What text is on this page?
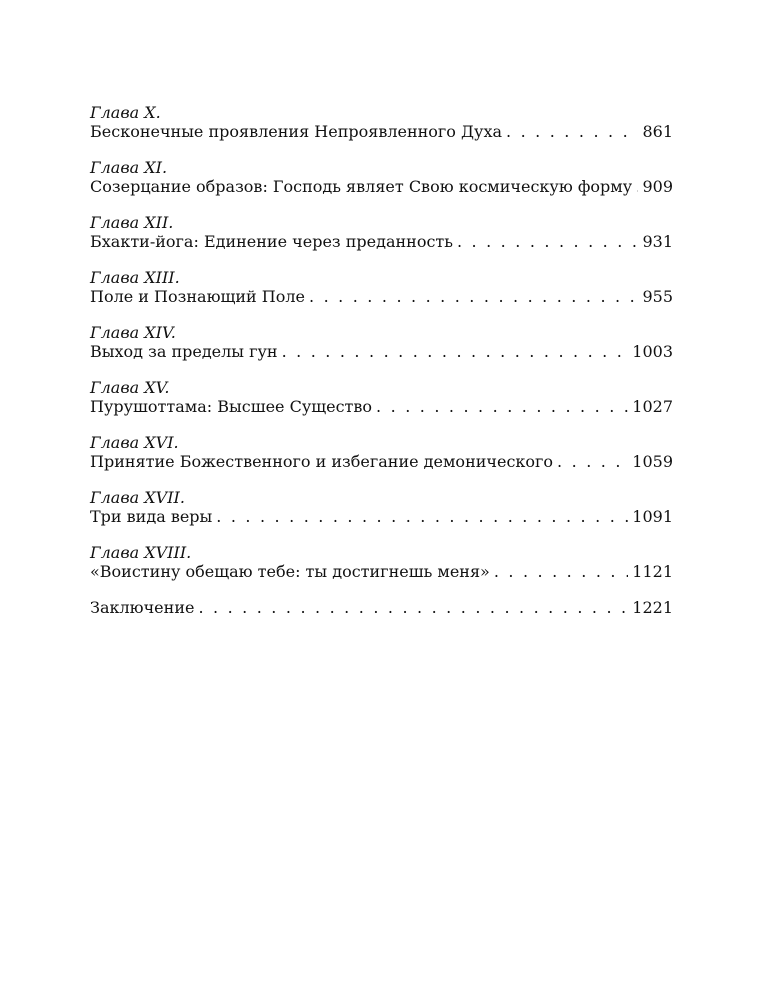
Глава X.
Бесконечные проявления Непроявленного Духа . . .	861
Глава XI.
Созерцание образов: Господь являет Свою космическую форму . . . 909
Глава XII.
Бхакти-йога: Единение через преданность . . .	931
Глава XIII.
Поле и Познающий Поле . . .	955
Глава XIV.
Выход за пределы гун . . .	1003
Глава XV.
Пурушоттама: Высшее Существо . . .	1027
Глава XVI.
Принятие Божественного и избегание демонического . . .	1059
Глава XVII.
Три вида веры . . .	1091
Глава XVIII.
«Воистину обещаю тебе: ты достигнешь меня» . . .	1121
Заключение . . .	1221
